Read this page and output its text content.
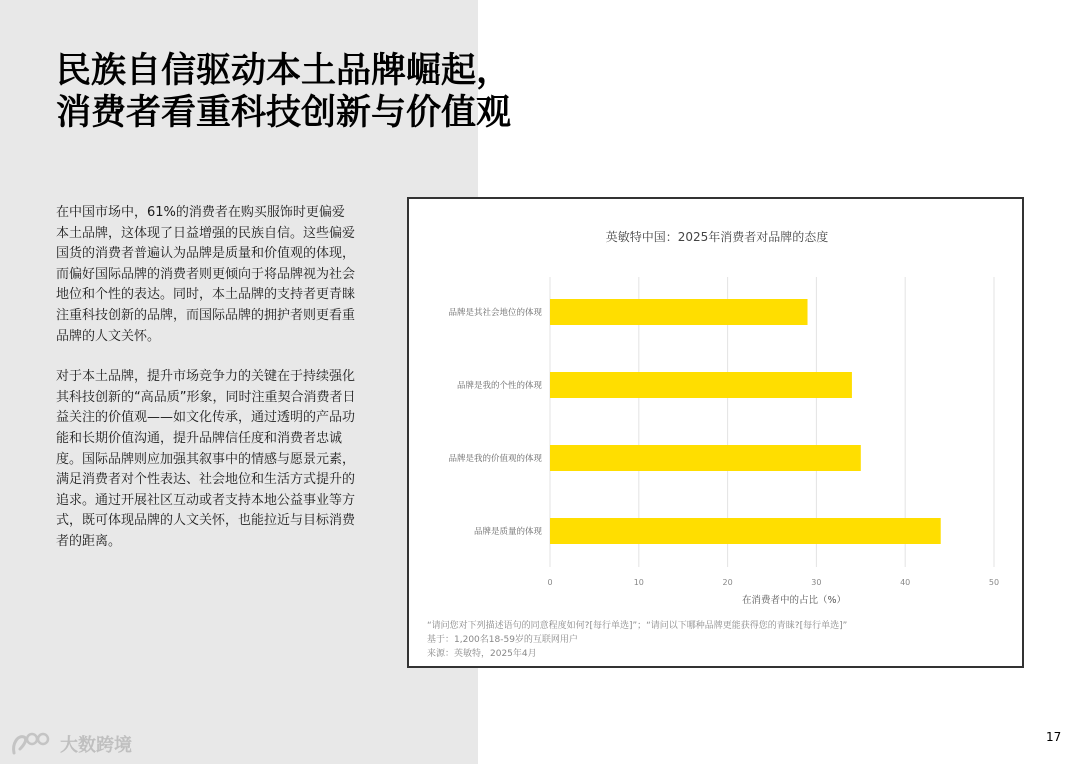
民族自信驱动本土品牌崛起，
消费者看重科技创新与价值观

在中国市场中，61%的消费者在购买服饰时更偏爱本土品牌，这体现了日益增强的民族自信。这些偏爱国货的消费者普遍认为品牌是质量和价值观的体现，而偏好国际品牌的消费者则更倾向于将品牌视为社会地位和个性的表达。同时，本土品牌的支持者更青睐注重科技创新的品牌，而国际品牌的拥护者则更看重品牌的人文关怀。

对于本土品牌，提升市场竞争力的关键在于持续强化其科技创新的“高品质”形象，同时注重契合消费者日益关注的价值观——如文化传承，通过透明的产品功能和长期价值沟通，提升品牌信任度和消费者忠诚度。国际品牌则应加强其叙事中的情感与愿景元素，满足消费者对个性表达、社会地位和生活方式提升的追求。通过开展社区互动或者支持本地公益事业等方式，既可体现品牌的人文关怀，也能拉近与目标消费者的距离。

英敏特中国：2025年消费者对品牌的态度
品牌是其社会地位的体现
品牌是我的个性的体现
品牌是我的价值观的体现
品牌是质量的体现
0	10	20	30	40	50
在消费者中的占比（%）
“请问您对下列描述语句的同意程度如何?[每行单选]”；“请问以下哪种品牌更能获得您的青睐?[每行单选]”
基于：1,200名18-59岁的互联网用户
来源：英敏特，2025年4月
大数跨境	17
